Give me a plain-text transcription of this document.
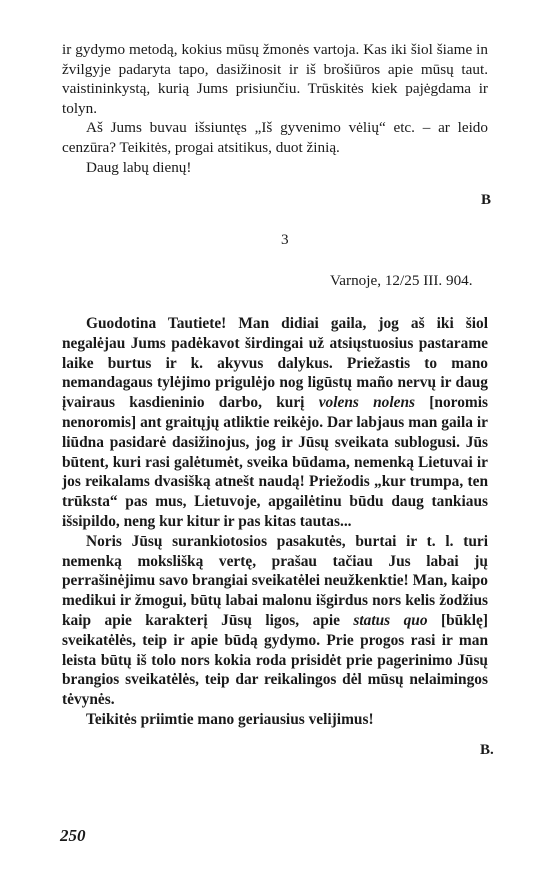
ir gydymo metodą, kokius mūsų žmonės vartoja. Kas iki šiol šiame in žvilgyje padaryta tapo, dasižinosit ir iš brošiūros apie mūsų taut. vaistininkystą, kurią Jums prisiunčiu. Trūskitės kiek pajėgdama ir tolyn.

Aš Jums buvau išsiuntęs „Iš gyvenimo vėlių“ etc. – ar leido cenzūra? Teikitės, progai atsitikus, duot žinią.

Daug labų dienų!

B
3
Varnoje, 12/25 III. 904.

Guodotina Tautiete! Man didiai gaila, jog aš iki šiol negalėjau Jums padėkavot širdingai už atsiųstuosius pastarame laike burtus ir k. akyvus dalykus. Priežastis to mano nemandagaus tylėjimo prigulėjo nog ligūstų maño nervų ir daug įvairaus kasdieninio darbo, kurį volens nolens [noromis nenoromis] ant graitųjų atliktie reikėjo. Dar labjaus man gaila ir liūdna pasidarė dasižinojus, jog ir Jūsų sveikata sublogusi. Jūs būtent, kuri rasi galėtumėt, sveika būdama, nemenką Lietuvai ir jos reikalams dvasišką atnešt naudą! Priežodis „kur trumpa, ten trūksta“ pas mus, Lietuvoje, apgailėtinu būdu daug tankiaus išsipildo, neng kur kitur ir pas kitas tautas...

Noris Jūsų surankiotosios pasakutės, burtai ir t. l. turi nemenką mokslišką vertę, prašau tačiau Jus labai jų perrašinėjimu savo brangiai sveikatėlei neužkenktie! Man, kaipo medikui ir žmogui, būtų labai malonu išgirdus nors kelis žodžius kaip apie karakterį Jūsų ligos, apie status quo [būklę] sveikatėlės, teip ir apie būdą gydymo. Prie progos rasi ir man leista būtų iš tolo nors kokia roda prisidėt prie pagerinimo Jūsų brangios sveikatėlės, teip dar reikalingos dėl mūsų nelaimingos tėvynės.

Teikitės priimtie mano geriausius velijimus!

B.
250
